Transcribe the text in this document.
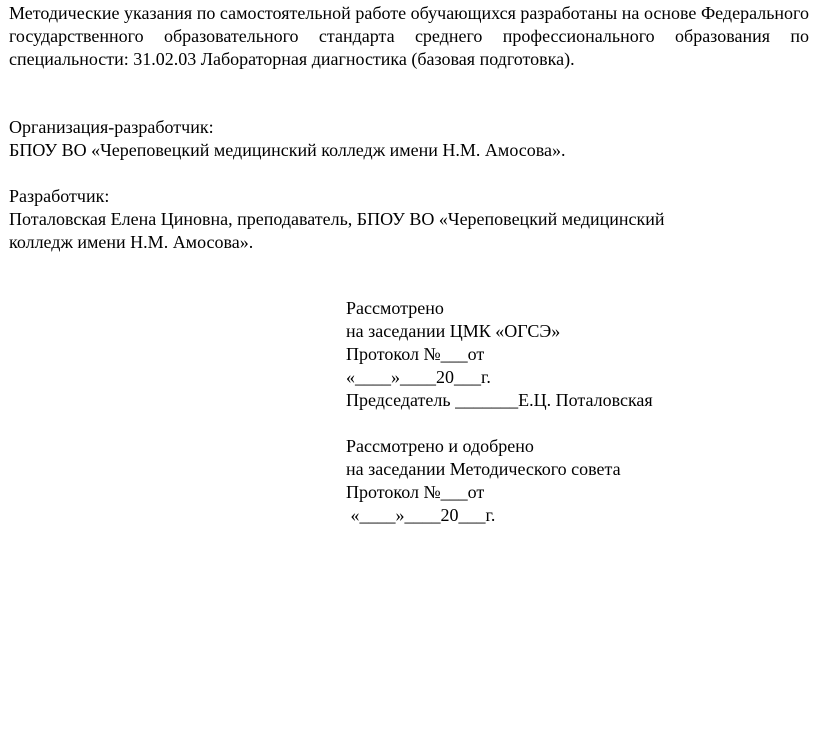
Методические указания по самостоятельной работе обучающихся разработаны на основе Федерального государственного образовательного стандарта среднего профессионального образования по специальности: 31.02.03 Лабораторная диагностика (базовая подготовка).

Организация-разработчик:
БПОУ ВО «Череповецкий медицинский колледж имени Н.М. Амосова».
Разработчик:
Поталовская Елена Циновна, преподаватель, БПОУ ВО «Череповецкий медицинский
колледж имени Н.М. Амосова».
Рассмотрено
на заседании ЦМК «ОГСЭ»
Протокол №___от
«____»____20___г.
Председатель _______Е.Ц. Поталовская
Рассмотрено и одобрено
на заседании Методического совета
Протокол №___от
«____»____20___г.
